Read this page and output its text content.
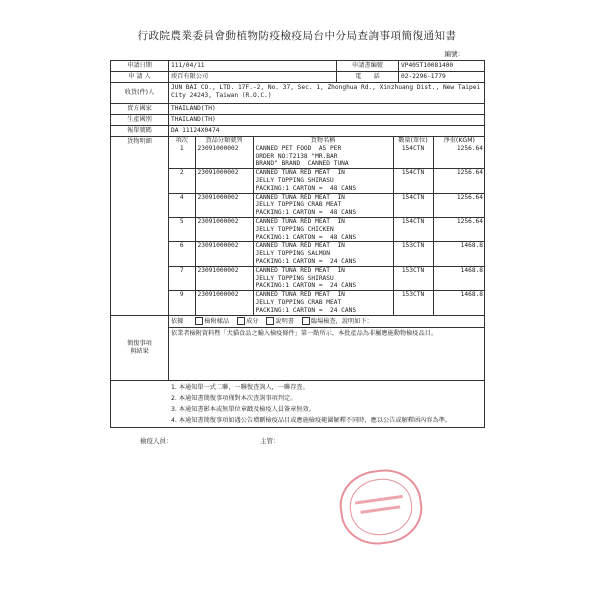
行政院農業委員會動植物防疫檢疫局台中分局查詢事項簡復通知書
編號：
申請日期	111/04/11	申請書編號	VP405T10081400
申 請 人	竣百有限公司	電　　話	02-2296-1779
收貨(件)人	JUN BAI CO., LTD. 17F.-2, No. 37, Sec. 1, Zhonghua Rd., Xinzhuang Dist., New Taipei City 24243, Taiwan (R.O.C.)
賣方國家	THAILAND(TH)
生產國別	THAILAND(TH)
報單號碼	DA 11124X0474
貨物明細		項次	貨品分類號列	貨物名稱	數量(單位)	淨重(KGM)
1	23091000002	CANNED PET FOOD  AS PER
ORDER NO:T2138 "MR.BAR
BRAND" BRAND  CANNED TUNA
	154CTN	1256.64
2	23091000002	CANNED TUNA RED MEAT  IN
JELLY TOPPING SHIRASU
PACKING:1 CARTON =  48 CANS
	154CTN	1256.64
4	23091000002	CANNED TUNA RED MEAT  IN
JELLY TOPPING CRAB MEAT
PACKING:1 CARTON =  48 CANS
	154CTN	1256.64
5	23091000002	CANNED TUNA RED MEAT  IN
JELLY TOPPING CHICKEN
PACKING:1 CARTON =  48 CANS
	154CTN	1256.64
6	23091000002	CANNED TUNA RED MEAT  IN
JELLY TOPPING SALMON
PACKING:1 CARTON =  24 CANS
	153CTN	1468.8
7	23091000002	CANNED TUNA RED MEAT  IN
JELLY TOPPING SHIRASU
PACKING:1 CARTON =  24 CANS
	153CTN	1468.8
9	23091000002	CANNED TUNA RED MEAT  IN
JELLY TOPPING CRAB MEAT
PACKING:1 CARTON =  24 CANS
	153CTN	1468.8

簡復事項
與結果	
依據	檢附樣品	成分	說明書	臨場檢查，說明如下：
依業者檢附資料暨「犬貓食品之輸入檢疫條件」第一點所示，本批產品為非屬應施動物檢疫品目。

1. 本通知單一式二聯，一聯復查詢人，一聯存查。
2. 本通知書簡復事項僅對本次查詢事項判定。
3. 本通知書影本或無單位章戳及檢疫人員簽章無效。
4. 本通知書簡復事項如遇公告增刪檢疫品目或應施檢疫範圍解釋不同時，應以公告或解釋函內容為準。
檢疫人員：	主管：
